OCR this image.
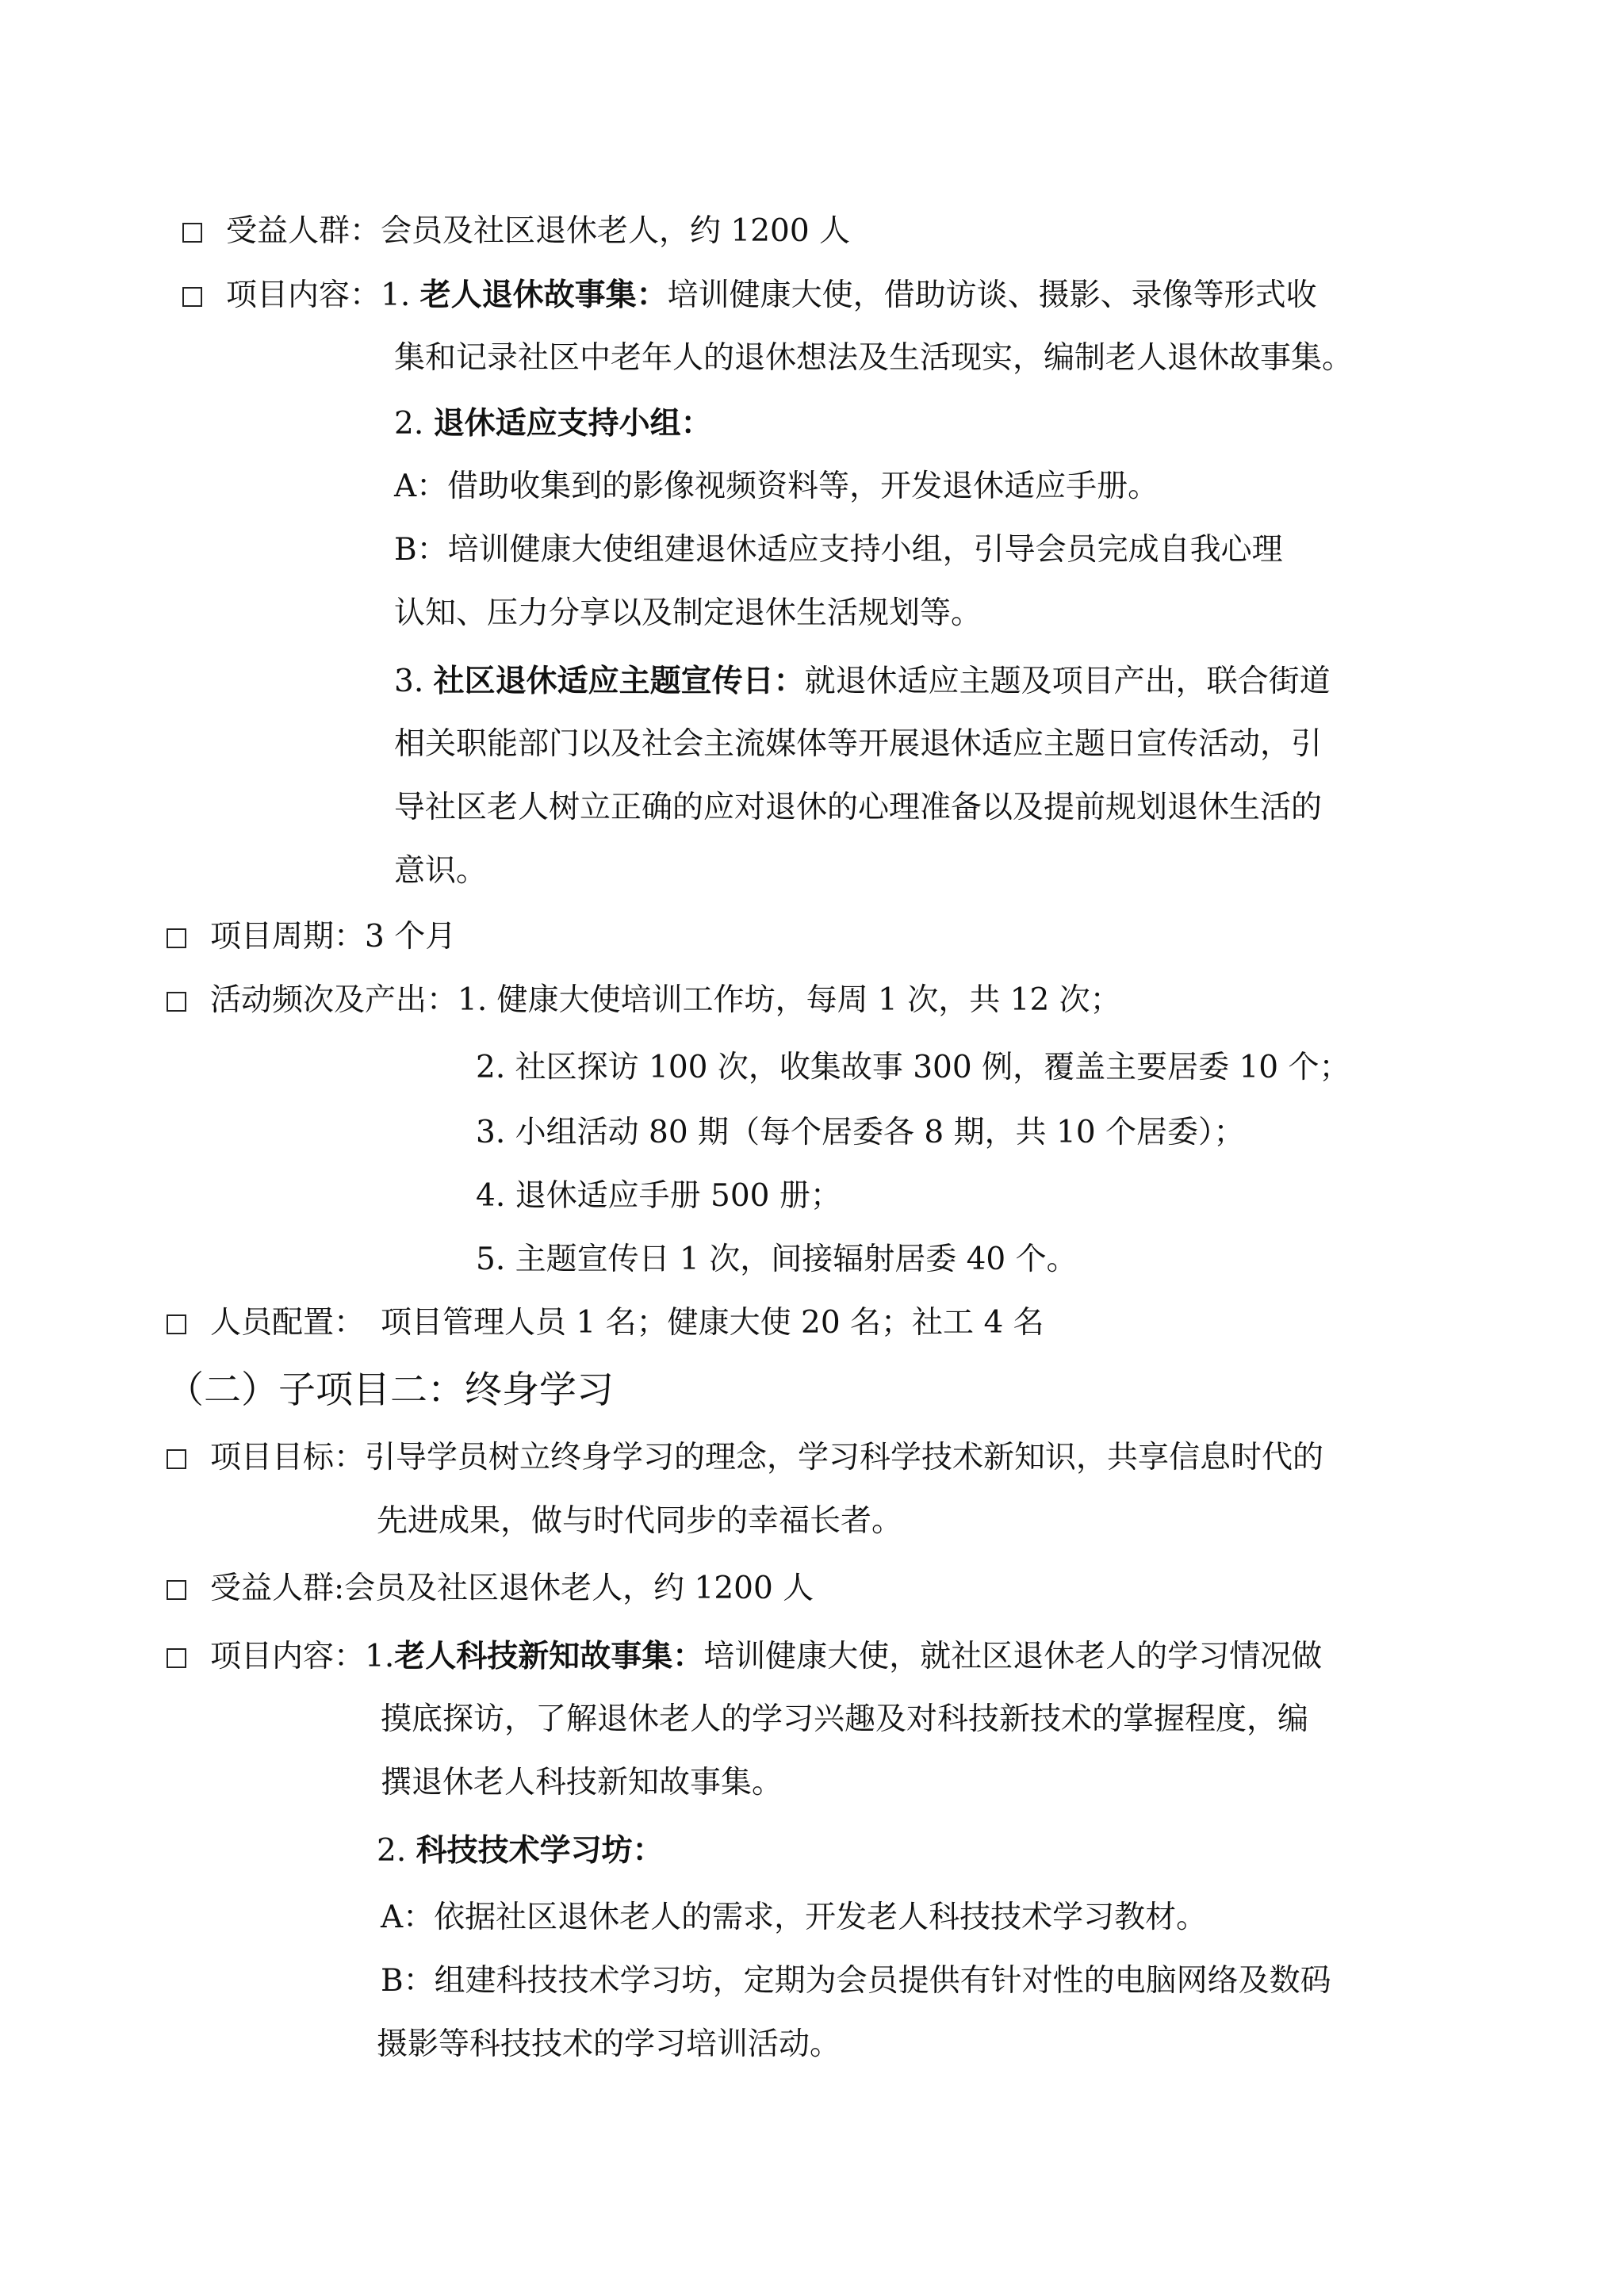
受益人群：会员及社区退休老人，约 1200 人
项目内容：1. 老人退休故事集：培训健康大使，借助访谈、摄影、录像等形式收
集和记录社区中老年人的退休想法及生活现实，编制老人退休故事集。
2. 退休适应支持小组：
A：借助收集到的影像视频资料等，开发退休适应手册。
B：培训健康大使组建退休适应支持小组，引导会员完成自我心理
认知、压力分享以及制定退休生活规划等。
3. 社区退休适应主题宣传日：就退休适应主题及项目产出，联合街道
相关职能部门以及社会主流媒体等开展退休适应主题日宣传活动，引
导社区老人树立正确的应对退休的心理准备以及提前规划退休生活的
意识。
项目周期：3 个月
活动频次及产出：1. 健康大使培训工作坊，每周 1 次，共 12 次；
2. 社区探访 100 次，收集故事 300 例，覆盖主要居委 10 个；
3. 小组活动 80 期（每个居委各 8 期，共 10 个居委）；
4. 退休适应手册 500 册；
5. 主题宣传日 1 次，间接辐射居委 40 个。
人员配置： 项目管理人员 1 名；健康大使 20 名；社工 4 名
（二）子项目二：终身学习
项目目标：引导学员树立终身学习的理念，学习科学技术新知识，共享信息时代的
先进成果，做与时代同步的幸福长者。
受益人群:会员及社区退休老人，约 1200 人
项目内容：1.老人科技新知故事集：培训健康大使，就社区退休老人的学习情况做
摸底探访，了解退休老人的学习兴趣及对科技新技术的掌握程度，编
撰退休老人科技新知故事集。
2. 科技技术学习坊：
A：依据社区退休老人的需求，开发老人科技技术学习教材。
B：组建科技技术学习坊，定期为会员提供有针对性的电脑网络及数码
摄影等科技技术的学习培训活动。
